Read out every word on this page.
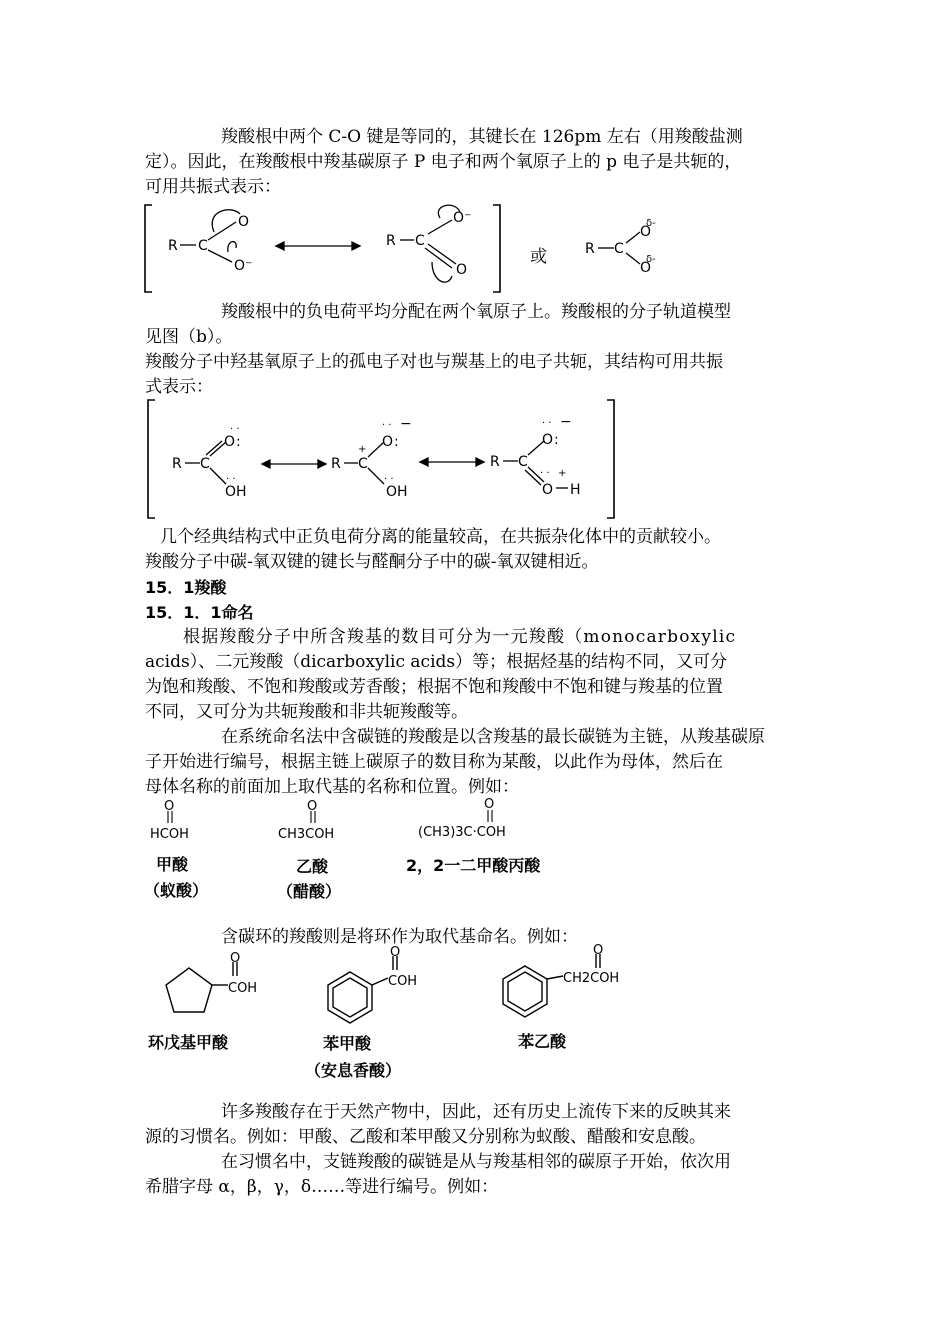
羧酸根中两个 C-O 键是等同的，其键长在 126pm 左右（用羧酸盐测
定）。因此，在羧酸根中羧基碳原子 P 电子和两个氧原子上的 p 电子是共轭的，
可用共振式表示：
R C
O
O⁻
R C
O⁻
O
R C
O
δ-
O
δ-
或
羧酸根中的负电荷平均分配在两个氧原子上。羧酸根的分子轨道模型
见图（b）。
羧酸分子中羟基氧原子上的孤电子对也与羰基上的电子共轭，其结构可用共振
式表示：
R C
O :
OH
· ·
· ·
R C
+ O :
−
· ·
· ·
OH
R C
O :
−
· ·
+
· ·
O H
几个经典结构式中正负电荷分离的能量较高，在共振杂化体中的贡献较小。
羧酸分子中碳-氧双键的键长与醛酮分子中的碳-氧双键相近。
15．1羧酸
15．1．1命名
根据羧酸分子中所含羧基的数目可分为一元羧酸（monocarboxylic
acids）、二元羧酸（dicarboxylic acids）等；根据烃基的结构不同，又可分
为饱和羧酸、不饱和羧酸或芳香酸；根据不饱和羧酸中不饱和键与羧基的位置
不同，又可分为共轭羧酸和非共轭羧酸等。
在系统命名法中含碳链的羧酸是以含羧基的最长碳链为主链，从羧基碳原
子开始进行编号，根据主链上碳原子的数目称为某酸，以此作为母体，然后在
母体名称的前面加上取代基的名称和位置。例如：
O
HCOH
O
CH3COH
O
(CH3)3C·COH
甲酸
（蚁酸）
乙酸
（醋酸）
2，2一二甲酸丙酸
含碳环的羧酸则是将环作为取代基命名。例如：
O
COH
O
COH
O
CH2COH
环戊基甲酸	苯甲酸
（安息香酸）
苯乙酸
许多羧酸存在于天然产物中，因此，还有历史上流传下来的反映其来
源的习惯名。例如：甲酸、乙酸和苯甲酸又分别称为蚁酸、醋酸和安息酸。
在习惯名中，支链羧酸的碳链是从与羧基相邻的碳原子开始，依次用
希腊字母 α，β，γ，δ……等进行编号。例如：
